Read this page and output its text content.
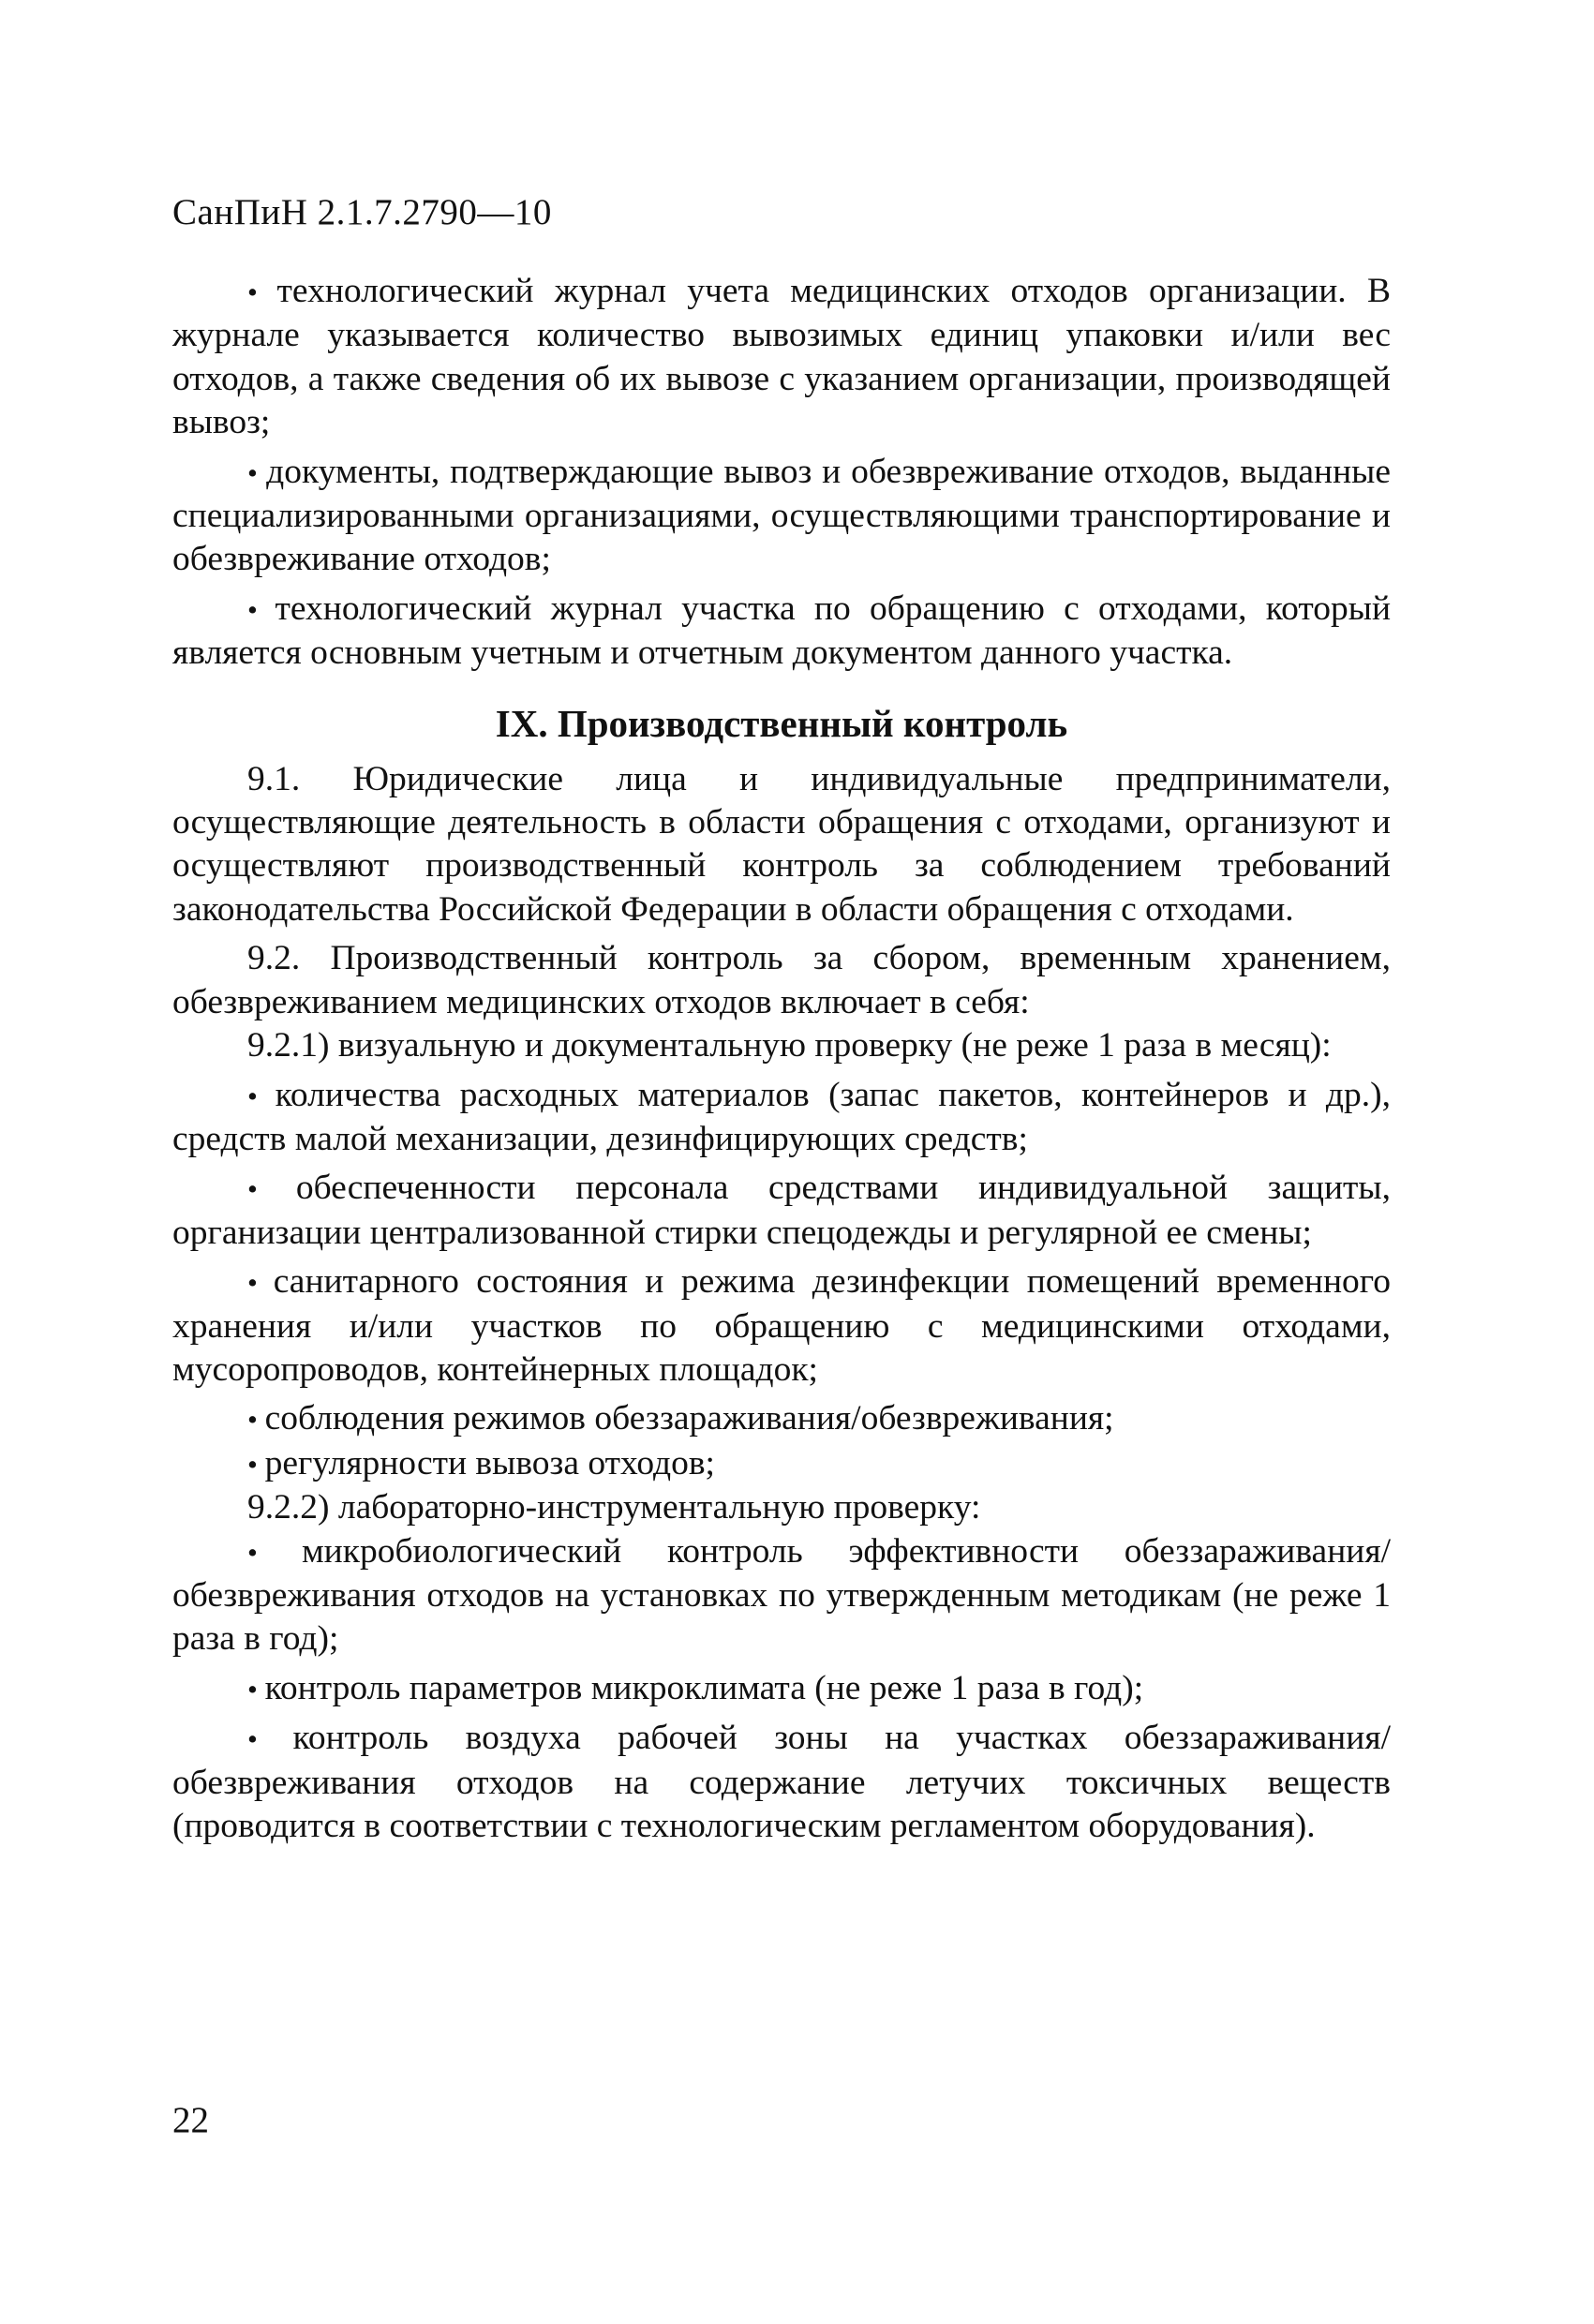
СанПиН 2.1.7.2790—10

• технологический журнал учета медицинских отходов организации. В журнале указывается количество вывозимых единиц упаковки и/или вес отходов, а также сведения об их вывозе с указанием организации, производящей вывоз;

• документы, подтверждающие вывоз и обезвреживание отходов, выданные специализированными организациями, осуществляющими транспортирование и обезвреживание отходов;

• технологический журнал участка по обращению с отходами, который является основным учетным и отчетным документом данного участка.

IX. Производственный контроль

9.1. Юридические лица и индивидуальные предприниматели, осуществляющие деятельность в области обращения с отходами, организуют и осуществляют производственный контроль за соблюдением требований законодательства Российской Федерации в области обращения с отходами.

9.2. Производственный контроль за сбором, временным хранением, обезвреживанием медицинских отходов включает в себя:

9.2.1) визуальную и документальную проверку (не реже 1 раза в месяц):

• количества расходных материалов (запас пакетов, контейнеров и др.), средств малой механизации, дезинфицирующих средств;

• обеспеченности персонала средствами индивидуальной защиты, организации централизованной стирки спецодежды и регулярной ее смены;

• санитарного состояния и режима дезинфекции помещений временного хранения и/или участков по обращению с медицинскими отходами, мусоропроводов, контейнерных площадок;

• соблюдения режимов обеззараживания/обезвреживания;

• регулярности вывоза отходов;

9.2.2) лабораторно-инструментальную проверку:

• микробиологический контроль эффективности обеззараживания/обезвреживания отходов на установках по утвержденным методикам (не реже 1 раза в год);

• контроль параметров микроклимата (не реже 1 раза в год);

• контроль воздуха рабочей зоны на участках обеззараживания/обезвреживания отходов на содержание летучих токсичных веществ (проводится в соответствии с технологическим регламентом оборудования).

22
